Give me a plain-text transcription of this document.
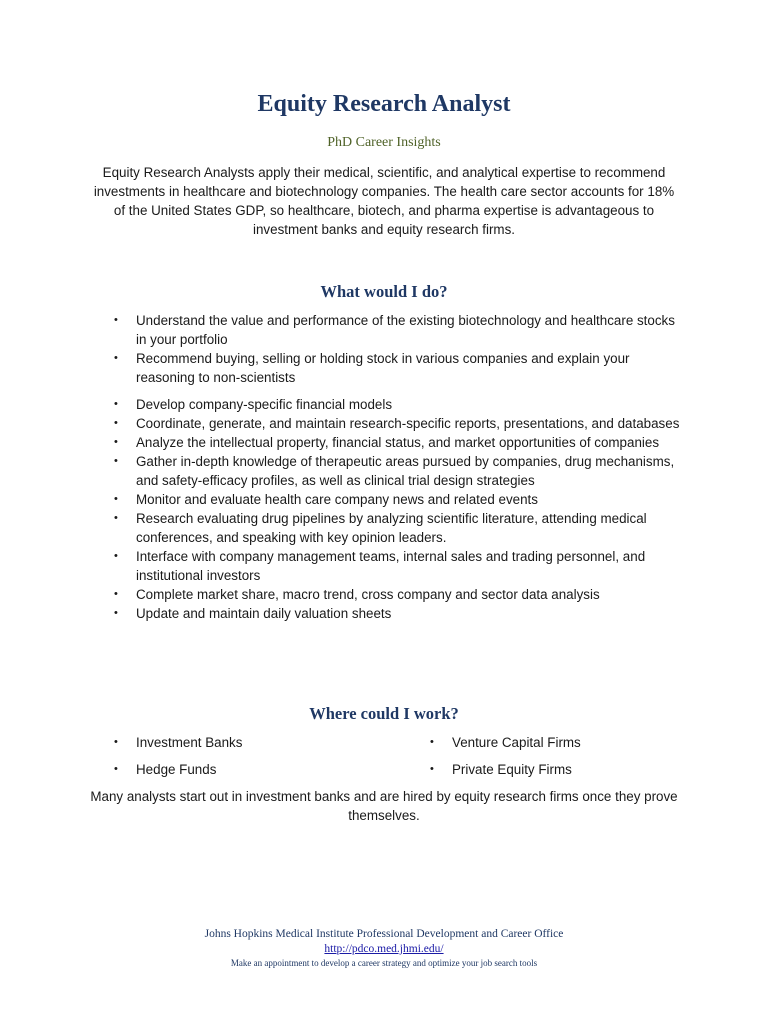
Equity Research Analyst
PhD Career Insights
Equity Research Analysts apply their medical, scientific, and analytical expertise to recommend investments in healthcare and biotechnology companies. The health care sector accounts for 18% of the United States GDP, so healthcare, biotech, and pharma expertise is advantageous to investment banks and equity research firms.
What would I do?
• Understand the value and performance of the existing biotechnology and healthcare stocks in your portfolio
• Recommend buying, selling or holding stock in various companies and explain your reasoning to non-scientists
• Develop company-specific financial models
• Coordinate, generate, and maintain research-specific reports, presentations, and databases
• Analyze the intellectual property, financial status, and market opportunities of companies
• Gather in-depth knowledge of therapeutic areas pursued by companies, drug mechanisms, and safety-efficacy profiles, as well as clinical trial design strategies
• Monitor and evaluate health care company news and related events
• Research evaluating drug pipelines by analyzing scientific literature, attending medical conferences, and speaking with key opinion leaders.
• Interface with company management teams, internal sales and trading personnel, and institutional investors
• Complete market share, macro trend, cross company and sector data analysis
• Update and maintain daily valuation sheets
Where could I work?
• Investment Banks
• Hedge Funds
• Venture Capital Firms
• Private Equity Firms
Many analysts start out in investment banks and are hired by equity research firms once they prove themselves.
Johns Hopkins Medical Institute Professional Development and Career Office
http://pdco.med.jhmi.edu/
Make an appointment to develop a career strategy and optimize your job search tools
